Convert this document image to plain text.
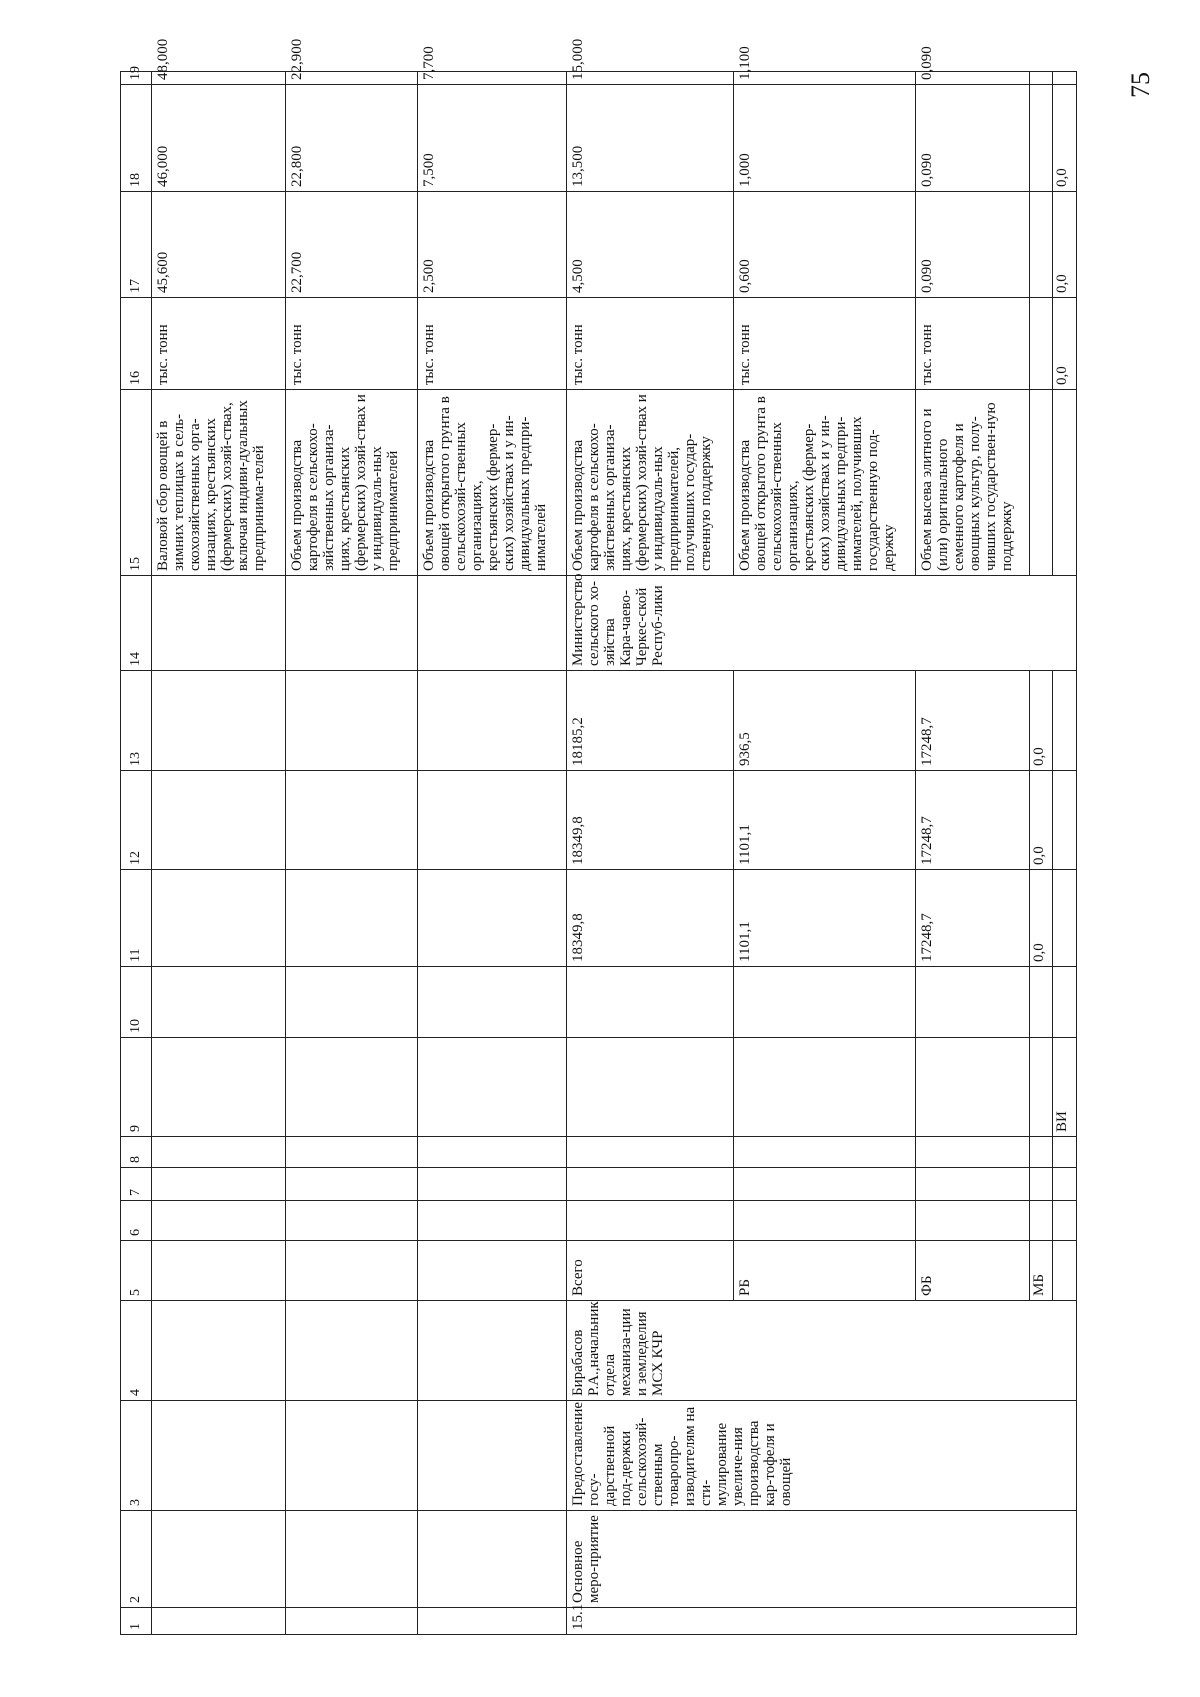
75
1	2	3	4	5	6	7	8	9	10	11	12	13	14	15	16	17	18	19	
														Валовой сбор овощей в зимних теплицах в сель-скохозяйственных орга-низациях, крестьянских (фермерских) хозяй-ствах, включая индиви-дуальных предпринима-телей	тыс. тонн	45,600	46,000	48,000	
														Объем производства картофеля в сельскохо-зяйственных организа-циях, крестьянских (фермерских) хозяй-ствах и у индивидуаль-ных предпринимателей	тыс. тонн	22,700	22,800	22,900	
														Объем производства овощей открытого грунта в сельскохозяй-ственных организациях, крестьянских (фермер-ских) хозяйствах и у ин-дивидуальных предпри-нимателей	тыс. тонн	2,500	7,500	7,700	
15.1	Основное меро-приятие	Предоставление госу-дарственной под-держки сельскохозяй-ственным товаропро-изводителям на сти-мулирование увеличе-ния производства кар-тофеля и овощей	Бирабасов Р.А.,начальник отдела механиза-ции и земледелия МСХ КЧР	Всего						18349,8	18349,8	18185,2	Министерство сельского хо-зяйства Кара-чаево-Черкес-ской Респуб-лики	Объем производства картофеля в сельскохо-зяйственных организа-циях, крестьянских (фермерских) хозяй-ствах и у индивидуаль-ных предпринимателей, получивших государ-ственную поддержку	тыс. тонн	4,500	13,500	15,000	
				РБ						1101,1	1101,1	936,5		Объем производства овощей открытого грунта в сельскохозяй-ственных организациях, крестьянских (фермер-ских) хозяйствах и у ин-дивидуальных предпри-нимателей, получивших государственную под-держку	тыс. тонн	0,600	1,000	1,100	
				ФБ						17248,7	17248,7	17248,7		Объем высева элитного и (или) оригинального семенного картофеля и овощных культур, полу-чивших государствен-ную поддержку	тыс. тонн	0,090	0,090	0,090	
				МБ						0,0	0,0	0,0							
								ВИ							0,0	0,0	0,0						
